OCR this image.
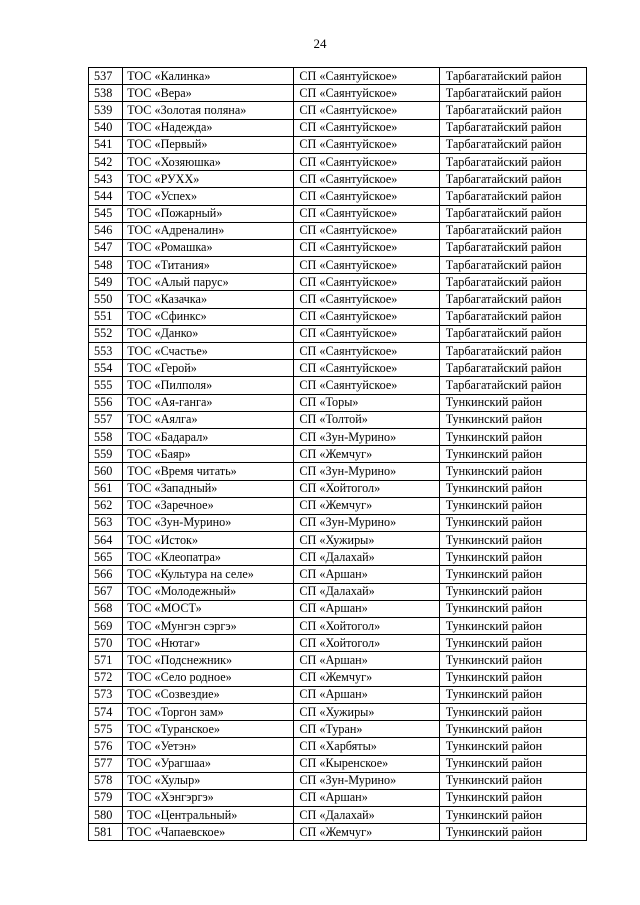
24
537	ТОС «Калинка»	СП «Саянтуйское»	Тарбагатайский район
538	ТОС «Вера»	СП «Саянтуйское»	Тарбагатайский район
539	ТОС «Золотая поляна»	СП «Саянтуйское»	Тарбагатайский район
540	ТОС «Надежда»	СП «Саянтуйское»	Тарбагатайский район
541	ТОС «Первый»	СП «Саянтуйское»	Тарбагатайский район
542	ТОС «Хозяюшка»	СП «Саянтуйское»	Тарбагатайский район
543	ТОС «РУХХ»	СП «Саянтуйское»	Тарбагатайский район
544	ТОС «Успех»	СП «Саянтуйское»	Тарбагатайский район
545	ТОС «Пожарный»	СП «Саянтуйское»	Тарбагатайский район
546	ТОС «Адреналин»	СП «Саянтуйское»	Тарбагатайский район
547	ТОС «Ромашка»	СП «Саянтуйское»	Тарбагатайский район
548	ТОС «Титания»	СП «Саянтуйское»	Тарбагатайский район
549	ТОС «Алый парус»	СП «Саянтуйское»	Тарбагатайский район
550	ТОС «Казачка»	СП «Саянтуйское»	Тарбагатайский район
551	ТОС «Сфинкс»	СП «Саянтуйское»	Тарбагатайский район
552	ТОС «Данко»	СП «Саянтуйское»	Тарбагатайский район
553	ТОС «Счастье»	СП «Саянтуйское»	Тарбагатайский район
554	ТОС «Герой»	СП «Саянтуйское»	Тарбагатайский район
555	ТОС «Пилполя»	СП «Саянтуйское»	Тарбагатайский район
556	ТОС «Ая-ганга»	СП «Торы»	Тункинский район
557	ТОС «Аялга»	СП «Толтой»	Тункинский район
558	ТОС «Бадарал»	СП «Зун-Мурино»	Тункинский район
559	ТОС «Баяр»	СП «Жемчуг»	Тункинский район
560	ТОС «Время читать»	СП «Зун-Мурино»	Тункинский район
561	ТОС «Западный»	СП «Хойтогол»	Тункинский район
562	ТОС «Заречное»	СП «Жемчуг»	Тункинский район
563	ТОС «Зун-Мурино»	СП «Зун-Мурино»	Тункинский район
564	ТОС «Исток»	СП «Хужиры»	Тункинский район
565	ТОС «Клеопатра»	СП «Далахай»	Тункинский район
566	ТОС «Культура на селе»	СП «Аршан»	Тункинский район
567	ТОС «Молодежный»	СП «Далахай»	Тункинский район
568	ТОС «МОСТ»	СП «Аршан»	Тункинский район
569	ТОС «Мунгэн сэргэ»	СП «Хойтогол»	Тункинский район
570	ТОС «Нютаг»	СП «Хойтогол»	Тункинский район
571	ТОС «Подснежник»	СП «Аршан»	Тункинский район
572	ТОС «Село родное»	СП «Жемчуг»	Тункинский район
573	ТОС «Созвездие»	СП «Аршан»	Тункинский район
574	ТОС «Торгон зам»	СП «Хужиры»	Тункинский район
575	ТОС «Туранское»	СП «Туран»	Тункинский район
576	ТОС «Уетэн»	СП «Харбяты»	Тункинский район
577	ТОС «Урагшаа»	СП «Кыренское»	Тункинский район
578	ТОС «Хулыр»	СП «Зун-Мурино»	Тункинский район
579	ТОС «Хэнгэргэ»	СП «Аршан»	Тункинский район
580	ТОС «Центральный»	СП «Далахай»	Тункинский район
581	ТОС «Чапаевское»	СП «Жемчуг»	Тункинский район
